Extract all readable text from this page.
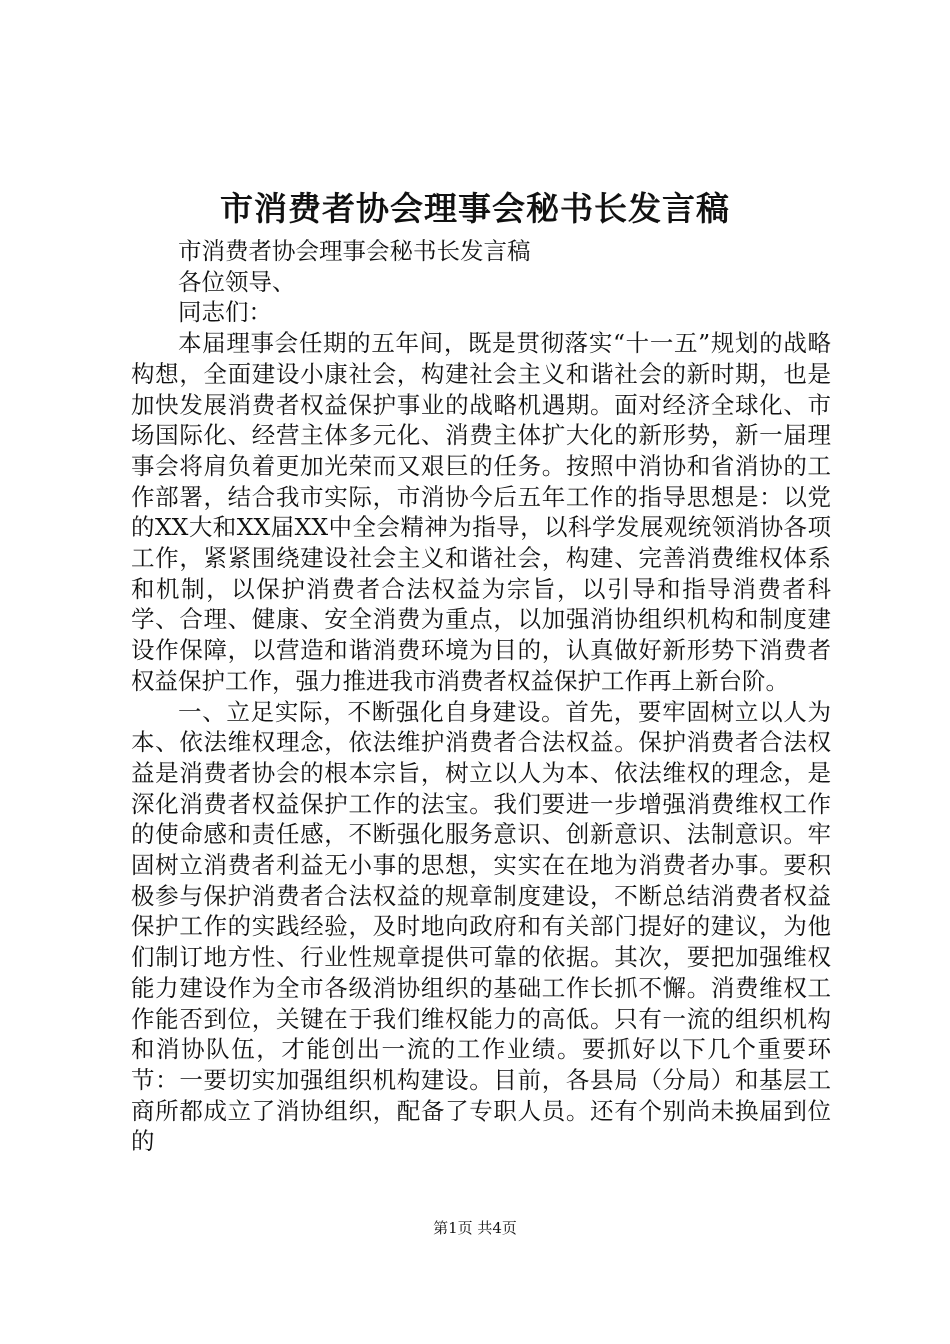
市消费者协会理事会秘书长发言稿

市消费者协会理事会秘书长发言稿

各位领导、

同志们：

本届理事会任期的五年间，既是贯彻落实“十一五”规划的战略构想，全面建设小康社会，构建社会主义和谐社会的新时期，也是加快发展消费者权益保护事业的战略机遇期。面对经济全球化、市场国际化、经营主体多元化、消费主体扩大化的新形势，新一届理事会将肩负着更加光荣而又艰巨的任务。按照中消协和省消协的工作部署，结合我市实际，市消协今后五年工作的指导思想是：以党的XX大和XX届XX中全会精神为指导，以科学发展观统领消协各项工作，紧紧围绕建设社会主义和谐社会，构建、完善消费维权体系和机制，以保护消费者合法权益为宗旨，以引导和指导消费者科学、合理、健康、安全消费为重点，以加强消协组织机构和制度建设作保障，以营造和谐消费环境为目的，认真做好新形势下消费者权益保护工作，强力推进我市消费者权益保护工作再上新台阶。

一、立足实际，不断强化自身建设。首先，要牢固树立以人为本、依法维权理念，依法维护消费者合法权益。保护消费者合法权益是消费者协会的根本宗旨，树立以人为本、依法维权的理念，是深化消费者权益保护工作的法宝。我们要进一步增强消费维权工作的使命感和责任感，不断强化服务意识、创新意识、法制意识。牢固树立消费者利益无小事的思想，实实在在地为消费者办事。要积极参与保护消费者合法权益的规章制度建设，不断总结消费者权益保护工作的实践经验，及时地向政府和有关部门提好的建议，为他们制订地方性、行业性规章提供可靠的依据。其次，要把加强维权能力建设作为全市各级消协组织的基础工作长抓不懈。消费维权工作能否到位，关键在于我们维权能力的高低。只有一流的组织机构和消协队伍，才能创出一流的工作业绩。要抓好以下几个重要环节：一要切实加强组织机构建设。目前，各县局（分局）和基层工商所都成立了消协组织，配备了专职人员。还有个别尚未换届到位的

第1页 共4页
